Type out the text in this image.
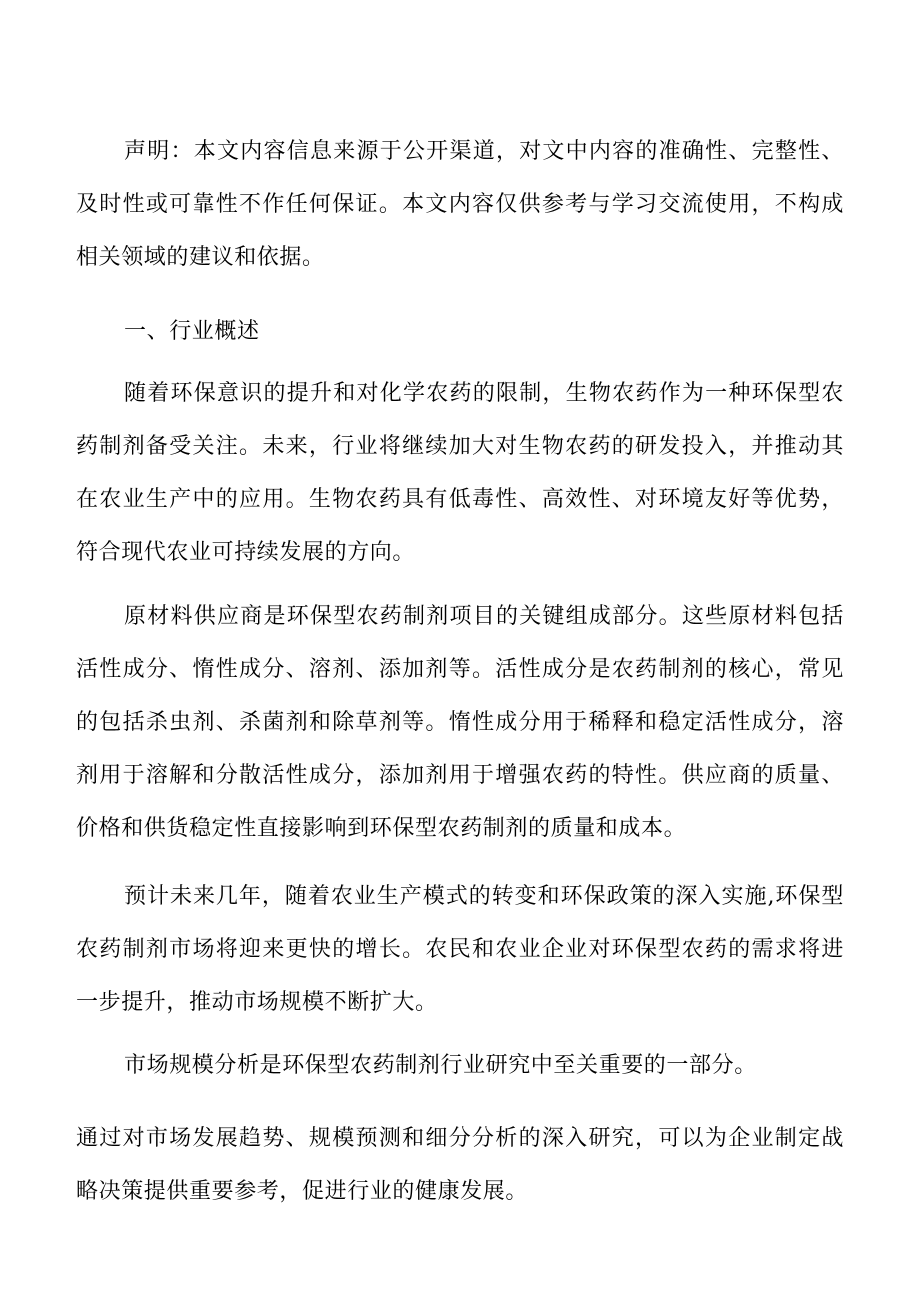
声明：本文内容信息来源于公开渠道，对文中内容的准确性、完整性、及时性或可靠性不作任何保证。本文内容仅供参考与学习交流使用，不构成相关领域的建议和依据。

一、行业概述

随着环保意识的提升和对化学农药的限制，生物农药作为一种环保型农药制剂备受关注。未来，行业将继续加大对生物农药的研发投入，并推动其在农业生产中的应用。生物农药具有低毒性、高效性、对环境友好等优势，符合现代农业可持续发展的方向。

原材料供应商是环保型农药制剂项目的关键组成部分。这些原材料包括活性成分、惰性成分、溶剂、添加剂等。活性成分是农药制剂的核心，常见的包括杀虫剂、杀菌剂和除草剂等。惰性成分用于稀释和稳定活性成分，溶剂用于溶解和分散活性成分，添加剂用于增强农药的特性。供应商的质量、价格和供货稳定性直接影响到环保型农药制剂的质量和成本。

预计未来几年，随着农业生产模式的转变和环保政策的深入实施,环保型农药制剂市场将迎来更快的增长。农民和农业企业对环保型农药的需求将进一步提升，推动市场规模不断扩大。

市场规模分析是环保型农药制剂行业研究中至关重要的一部分。

通过对市场发展趋势、规模预测和细分分析的深入研究，可以为企业制定战略决策提供重要参考，促进行业的健康发展。
